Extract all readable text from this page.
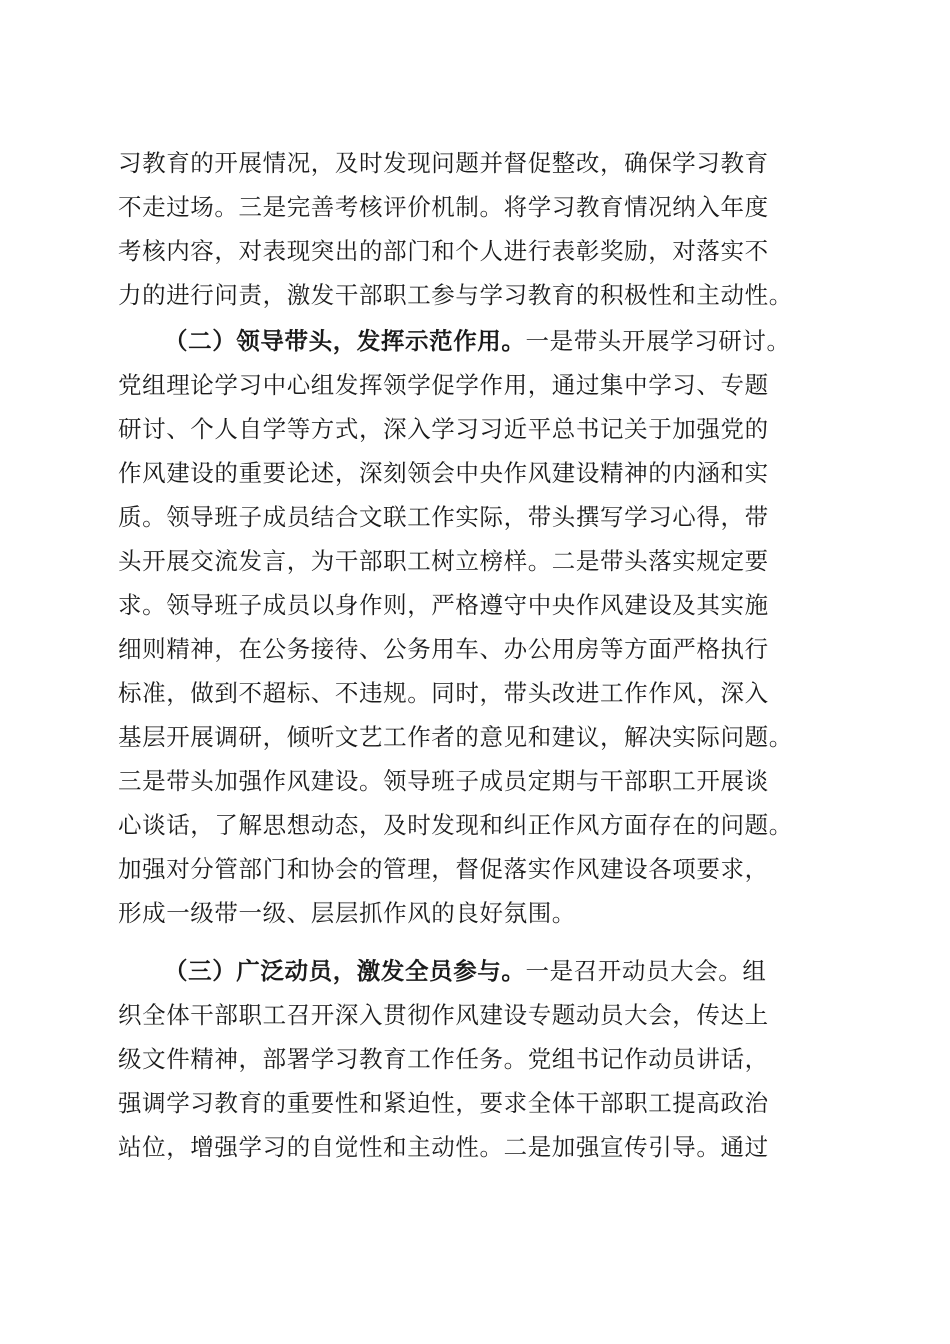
习教育的开展情况，及时发现问题并督促整改，确保学习教育
不走过场。三是完善考核评价机制。将学习教育情况纳入年度
考核内容，对表现突出的部门和个人进行表彰奖励，对落实不
力的进行问责，激发干部职工参与学习教育的积极性和主动性。
（二）领导带头，发挥示范作用。一是带头开展学习研讨。
党组理论学习中心组发挥领学促学作用，通过集中学习、专题
研讨、个人自学等方式，深入学习习近平总书记关于加强党的
作风建设的重要论述，深刻领会中央作风建设精神的内涵和实
质。领导班子成员结合文联工作实际，带头撰写学习心得，带
头开展交流发言，为干部职工树立榜样。二是带头落实规定要
求。领导班子成员以身作则，严格遵守中央作风建设及其实施
细则精神，在公务接待、公务用车、办公用房等方面严格执行
标准，做到不超标、不违规。同时，带头改进工作作风，深入
基层开展调研，倾听文艺工作者的意见和建议，解决实际问题。
三是带头加强作风建设。领导班子成员定期与干部职工开展谈
心谈话，了解思想动态，及时发现和纠正作风方面存在的问题。
加强对分管部门和协会的管理，督促落实作风建设各项要求，
形成一级带一级、层层抓作风的良好氛围。
（三）广泛动员，激发全员参与。一是召开动员大会。组
织全体干部职工召开深入贯彻作风建设专题动员大会，传达上
级文件精神，部署学习教育工作任务。党组书记作动员讲话，
强调学习教育的重要性和紧迫性，要求全体干部职工提高政治
站位，增强学习的自觉性和主动性。二是加强宣传引导。通过
